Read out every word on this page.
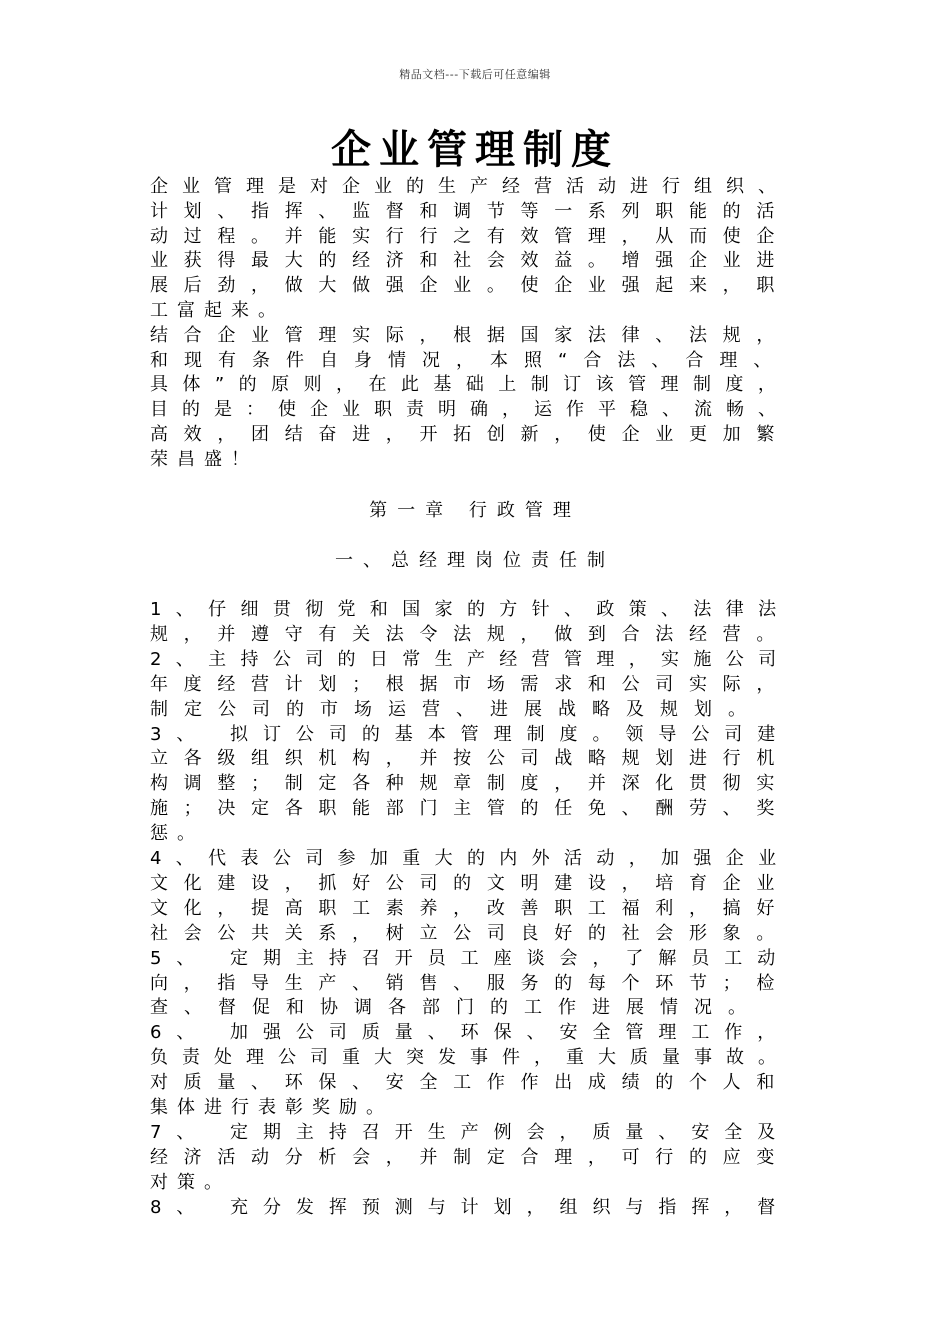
精品文档---下载后可任意编辑
企业管理制度
企业管理是对企业的生产经营活动进行组织、
计划、指挥、监督和调节等一系列职能的活
动过程。并能实行行之有效管理，从而使企
业获得最大的经济和社会效益。增强企业进
展后劲，做大做强企业。使企业强起来，职
工富起来。
结合企业管理实际，根据国家法律、法规，
和现有条件自身情况，本照“合法、合理、
具体”的原则，在此基础上制订该管理制度，
目的是：使企业职责明确，运作平稳、流畅、
高效，团结奋进，开拓创新，使企业更加繁
荣昌盛！
第一章 行政管理
一、总经理岗位责任制
1、仔细贯彻党和国家的方针、政策、法律法
规，并遵守有关法令法规，做到合法经营。
2、主持公司的日常生产经营管理，实施公司
年度经营计划；根据市场需求和公司实际，
制定公司的市场运营、进展战略及规划。
3、 拟订公司的基本管理制度。领导公司建
立各级组织机构，并按公司战略规划进行机
构调整；制定各种规章制度，并深化贯彻实
施；决定各职能部门主管的任免、酬劳、奖
惩。
4、代表公司参加重大的内外活动，加强企业
文化建设，抓好公司的文明建设，培育企业
文化，提高职工素养，改善职工福利，搞好
社会公共关系，树立公司良好的社会形象。
5、 定期主持召开员工座谈会，了解员工动
向，指导生产、销售、服务的每个环节；检
查、督促和协调各部门的工作进展情况。
6、 加强公司质量、环保、安全管理工作，
负责处理公司重大突发事件，重大质量事故。
对质量、环保、安全工作作出成绩的个人和
集体进行表彰奖励。
7、 定期主持召开生产例会，质量、安全及
经济活动分析会，并制定合理，可行的应变
对策。
8、 充分发挥预测与计划，组织与指挥，督
